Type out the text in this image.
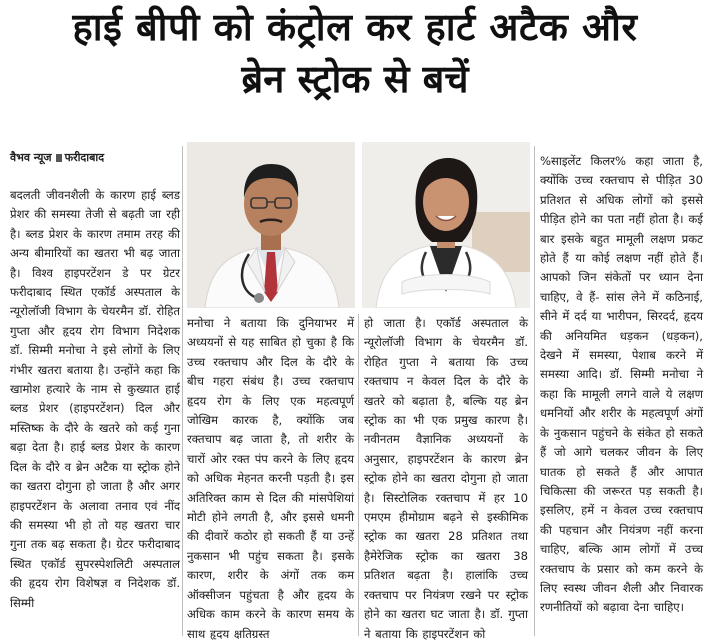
हाई बीपी को कंट्रोल कर हार्ट अटैक और
ब्रेन स्ट्रोक से बचें
वैभव न्यूज फरीदाबाद
बदलती जीवनशैली के कारण हाई ब्लड प्रेशर की समस्या तेजी से बढ़ती जा रही है। ब्लड प्रेशर के कारण तमाम तरह की अन्य बीमारियों का खतरा भी बढ़ जाता है। विश्व हाइपरटेंशन डे पर ग्रेटर फरीदाबाद स्थित एकॉर्ड अस्पताल के न्यूरोलॉजी विभाग के चेयरमैन डॉ. रोहित गुप्ता और हृदय रोग विभाग निदेशक डॉ. सिम्मी मनोचा ने इसे लोगों के लिए गंभीर खतरा बताया है। उन्होंने कहा कि खामोश हत्यारे के नाम से कुख्यात हाई ब्लड प्रेशर (हाइपरटेंशन) दिल और मस्तिष्क के दौरे के खतरे को कई गुना बढ़ा देता है। हाई ब्लड प्रेशर के कारण दिल के दौरे व ब्रेन अटैक या स्ट्रोक होने का खतरा दोगुना हो जाता है और अगर हाइपरटेंशन के अलावा तनाव एवं नींद की समस्या भी हो तो यह खतरा चार गुना तक बढ़ सकता है। ग्रेटर फरीदाबाद स्थित एकॉर्ड सुपरस्पेशलिटी अस्पताल की हृदय रोग विशेषज्ञ व निदेशक डॉ. सिम्मी
मनोचा ने बताया कि दुनियाभर में अध्ययनों से यह साबित हो चुका है कि उच्च रक्तचाप और दिल के दौरे के बीच गहरा संबंध है। उच्च रक्तचाप हृदय रोग के लिए एक महत्वपूर्ण जोखिम कारक है, क्योंकि जब रक्तचाप बढ़ जाता है, तो शरीर के चारों ओर रक्त पंप करने के लिए हृदय को अधिक मेहनत करनी पड़ती है। इस अतिरिक्त काम से दिल की मांसपेशियां मोटी होने लगती है, और इससे धमनी की दीवारें कठोर हो सकती हैं या उन्हें नुकसान भी पहुंच सकता है। इसके कारण, शरीर के अंगों तक कम ऑक्सीजन पहुंचता है और हृदय के अधिक काम करने के कारण समय के साथ हृदय क्षतिग्रस्त
हो जाता है। एकॉर्ड अस्पताल के न्यूरोलॉजी विभाग के चेयरमैन डॉ. रोहित गुप्ता ने बताया कि उच्च रक्तचाप न केवल दिल के दौरे के खतरे को बढ़ाता है, बल्कि यह ब्रेन स्ट्रोक का भी एक प्रमुख कारण है। नवीनतम वैज्ञानिक अध्ययनों के अनुसार, हाइपरटेंशन के कारण ब्रेन स्ट्रोक होने का खतरा दोगुना हो जाता है। सिस्टोलिक रक्तचाप में हर 10 एमएम हीमोग्राम बढ़ने से इस्कीमिक स्ट्रोक का खतरा 28 प्रतिशत तथा हैमेरेजिक स्ट्रोक का खतरा 38 प्रतिशत बढ़ता है। हालांकि उच्च रक्तचाप पर नियंत्रण रखने पर स्ट्रोक होने का खतरा घट जाता है। डॉ. गुप्ता ने बताया कि हाइपरटेंशन को
%साइलेंट किलर% कहा जाता है, क्योंकि उच्च रक्तचाप से पीड़ित 30 प्रतिशत से अधिक लोगों को इससे पीड़ित होने का पता नहीं होता है। कई बार इसके बहुत मामूली लक्षण प्रकट होते हैं या कोई लक्षण नहीं होते हैं। आपको जिन संकेतों पर ध्यान देना चाहिए, वे हैं- सांस लेने में कठिनाई, सीने में दर्द या भारीपन, सिरदर्द, हृदय की अनियमित धड़कन (धड़कन), देखने में समस्या, पेशाब करने में समस्या आदि। डॉ. सिम्मी मनोचा ने कहा कि मामूली लगने वाले ये लक्षण धमनियों और शरीर के महत्वपूर्ण अंगों के नुकसान पहुंचने के संकेत हो सकते हैं जो आगे चलकर जीवन के लिए घातक हो सकते हैं और आपात चिकित्सा की जरूरत पड़ सकती है। इसलिए, हमें न केवल उच्च रक्तचाप की पहचान और नियंत्रण नहीं करना चाहिए, बल्कि आम लोगों में उच्च रक्तचाप के प्रसार को कम करने के लिए स्वस्थ जीवन शैली और निवारक रणनीतियों को बढ़ावा देना चाहिए।
